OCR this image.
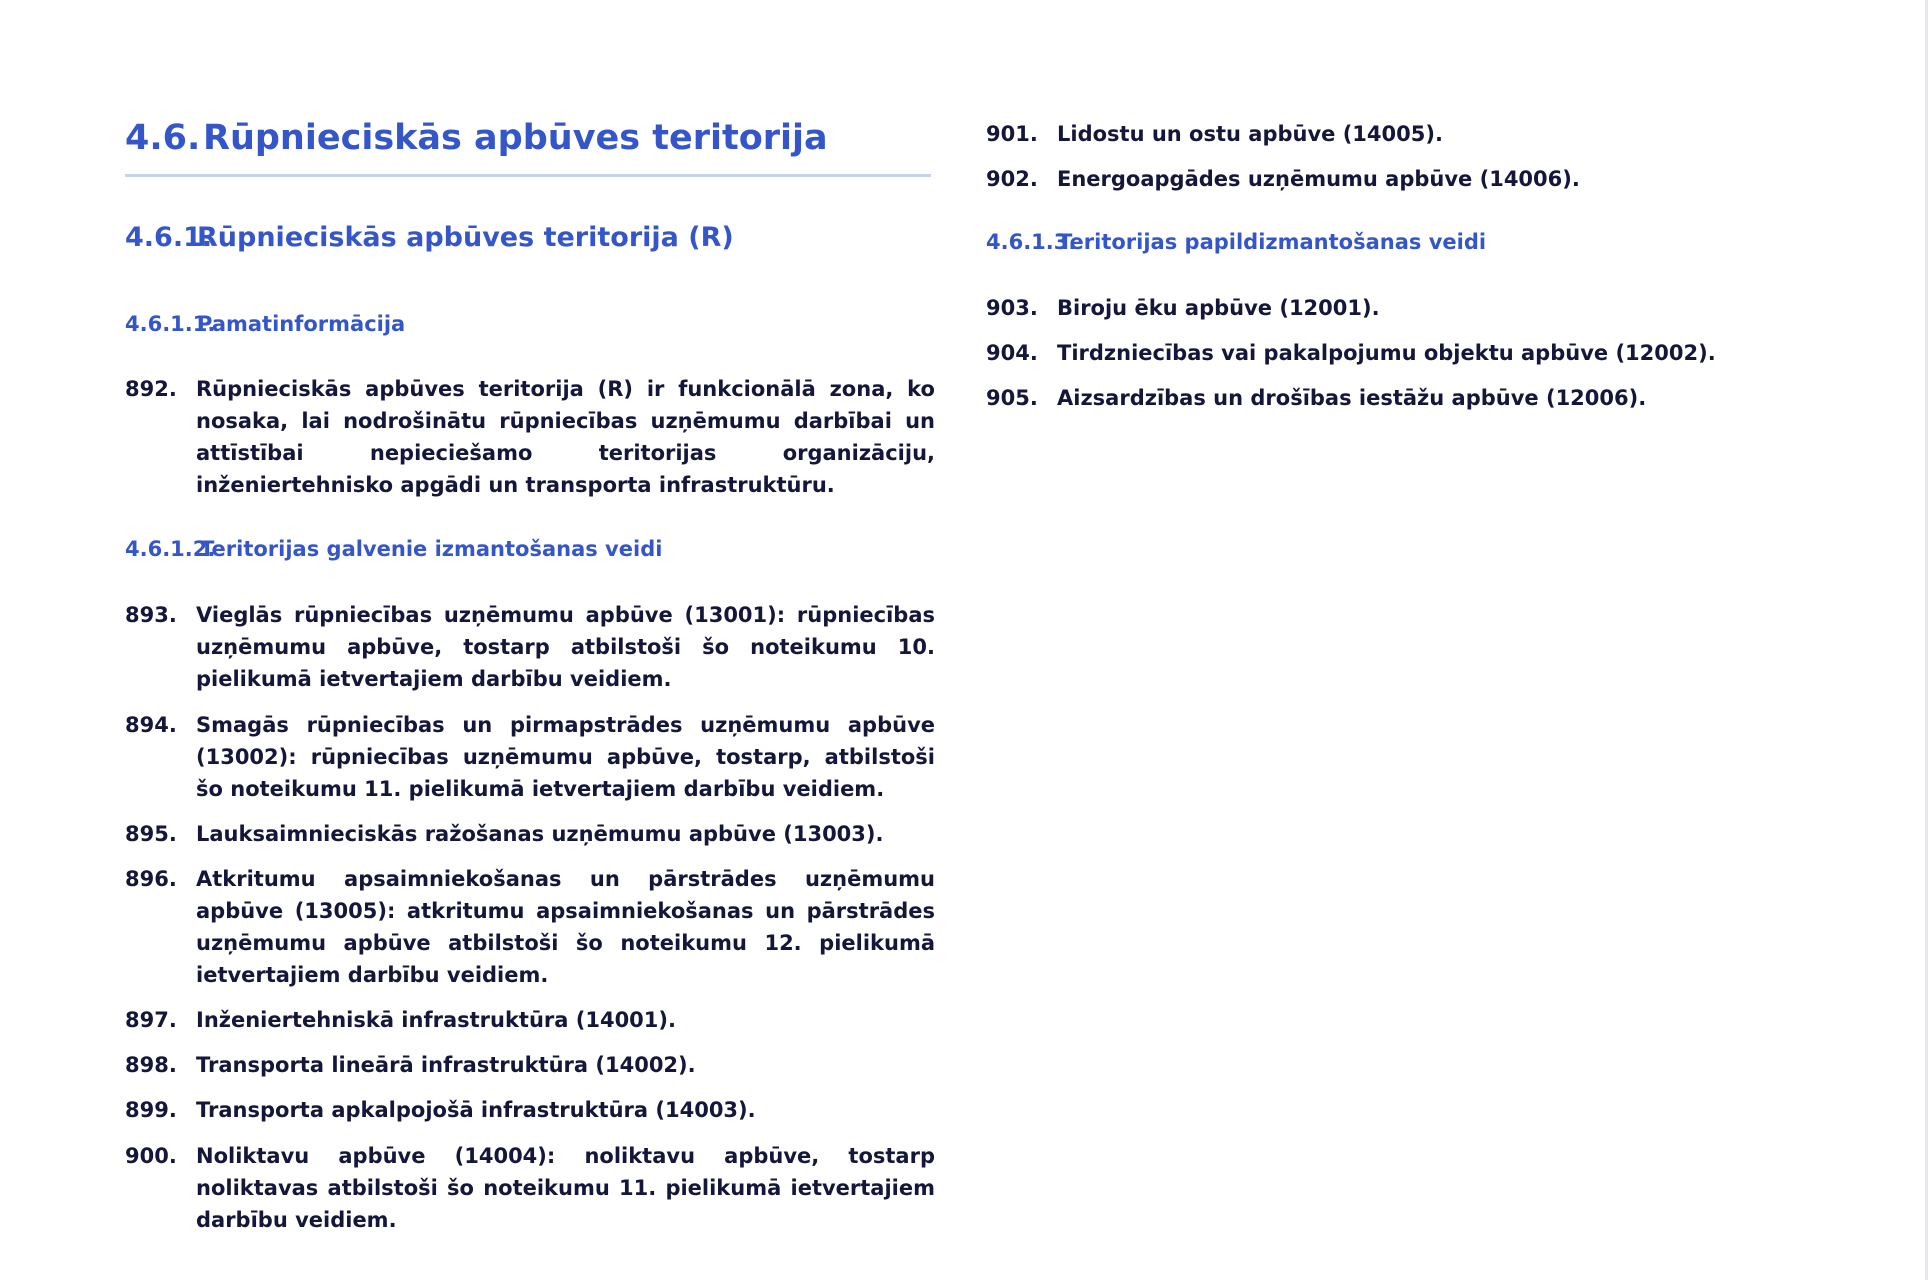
4.6.Rūpnieciskās apbūves teritorija
4.6.1.Rūpnieciskās apbūves teritorija (R)
4.6.1.1.Pamatinformācija
892. Rūpnieciskās apbūves teritorija (R) ir funkcionālā zona, ko nosaka, lai nodrošinātu rūpniecības uzņēmumu darbībai un attīstībai nepieciešamo teritorijas organizāciju, inženiertehnisko apgādi un transporta infrastruktūru.
4.6.1.2.Teritorijas galvenie izmantošanas veidi
893. Vieglās rūpniecības uzņēmumu apbūve (13001): rūpniecības uzņēmumu apbūve, tostarp atbilstoši šo noteikumu 10. pielikumā ietvertajiem darbību veidiem.
894. Smagās rūpniecības un pirmapstrādes uzņēmumu apbūve (13002): rūpniecības uzņēmumu apbūve, tostarp, atbilstoši šo noteikumu 11. pielikumā ietvertajiem darbību veidiem.
895. Lauksaimnieciskās ražošanas uzņēmumu apbūve (13003).
896. Atkritumu apsaimniekošanas un pārstrādes uzņēmumu apbūve (13005): atkritumu apsaimniekošanas un pārstrādes uzņēmumu apbūve atbilstoši šo noteikumu 12. pielikumā ietvertajiem darbību veidiem.
897. Inženiertehniskā infrastruktūra (14001).
898. Transporta lineārā infrastruktūra (14002).
899. Transporta apkalpojošā infrastruktūra (14003).
900. Noliktavu apbūve (14004): noliktavu apbūve, tostarp noliktavas atbilstoši šo noteikumu 11. pielikumā ietvertajiem darbību veidiem.
901. Lidostu un ostu apbūve (14005).
902. Energoapgādes uzņēmumu apbūve (14006).
4.6.1.3.Teritorijas papildizmantošanas veidi
903. Biroju ēku apbūve (12001).
904. Tirdzniecības vai pakalpojumu objektu apbūve (12002).
905. Aizsardzības un drošības iestāžu apbūve (12006).
